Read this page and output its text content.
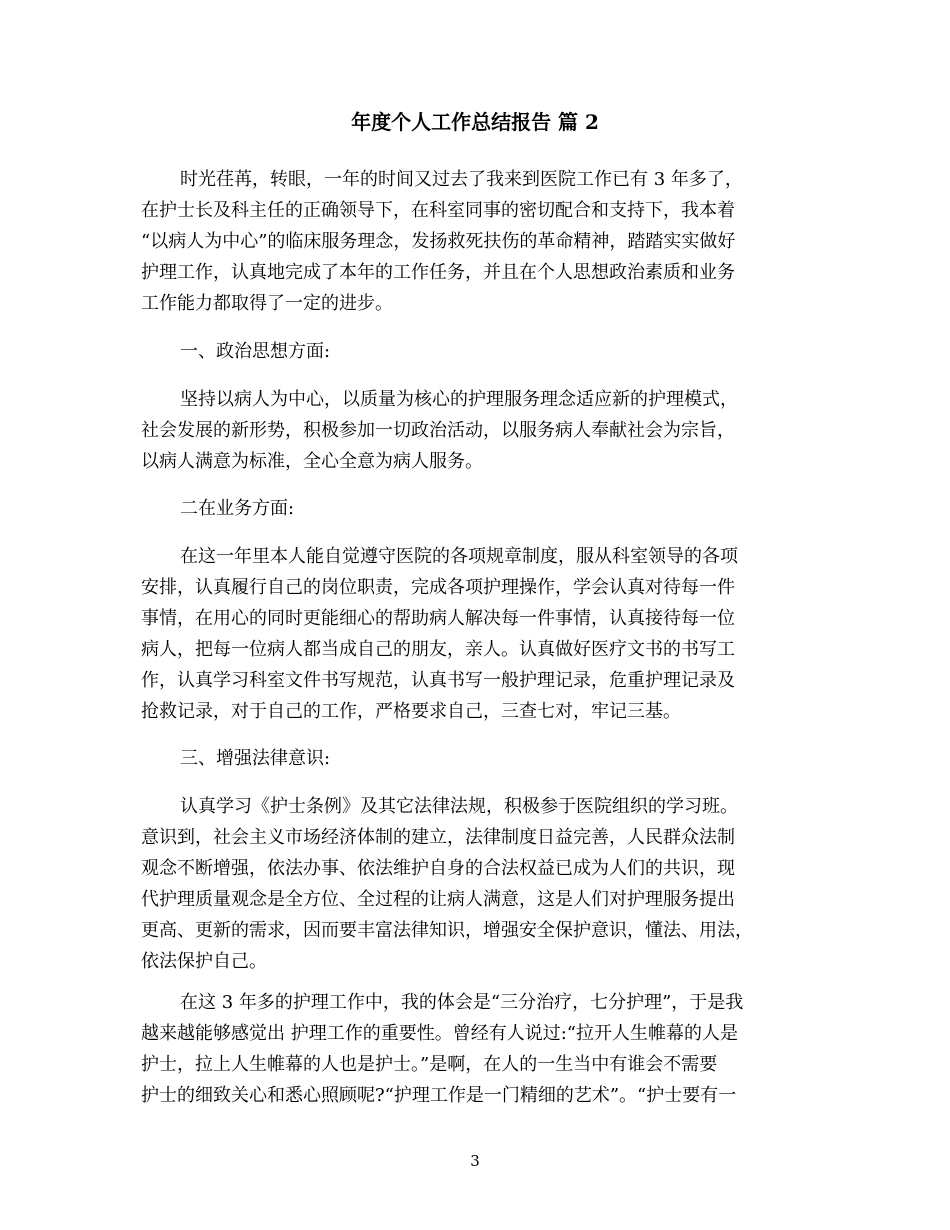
年度个人工作总结报告 篇 2
时光荏苒，转眼，一年的时间又过去了我来到医院工作已有 3 年多了，
在护士长及科主任的正确领导下，在科室同事的密切配合和支持下，我本着
“以病人为中心”的临床服务理念，发扬救死扶伤的革命精神，踏踏实实做好
护理工作，认真地完成了本年的工作任务，并且在个人思想政治素质和业务
工作能力都取得了一定的进步。
一、政治思想方面:
坚持以病人为中心，以质量为核心的护理服务理念适应新的护理模式，
社会发展的新形势，积极参加一切政治活动，以服务病人奉献社会为宗旨，
以病人满意为标准，全心全意为病人服务。
二在业务方面:
在这一年里本人能自觉遵守医院的各项规章制度，服从科室领导的各项
安排，认真履行自己的岗位职责，完成各项护理操作，学会认真对待每一件
事情，在用心的同时更能细心的帮助病人解决每一件事情，认真接待每一位
病人，把每一位病人都当成自己的朋友，亲人。认真做好医疗文书的书写工
作，认真学习科室文件书写规范，认真书写一般护理记录，危重护理记录及
抢救记录，对于自己的工作，严格要求自己，三查七对，牢记三基。
三、增强法律意识:
认真学习《护士条例》及其它法律法规，积极参于医院组织的学习班。
意识到，社会主义市场经济体制的建立，法律制度日益完善，人民群众法制
观念不断增强，依法办事、依法维护自身的合法权益已成为人们的共识，现
代护理质量观念是全方位、全过程的让病人满意，这是人们对护理服务提出
更高、更新的需求，因而要丰富法律知识，增强安全保护意识，懂法、用法，
依法保护自己。
在这 3 年多的护理工作中，我的体会是“三分治疗，七分护理”，于是我
越来越能够感觉出 护理工作的重要性。曾经有人说过:“拉开人生帷幕的人是
护士，拉上人生帷幕的人也是护士。”是啊，在人的一生当中有谁会不需要
护士的细致关心和悉心照顾呢?“护理工作是一门精细的艺术”。“护士要有一
3
